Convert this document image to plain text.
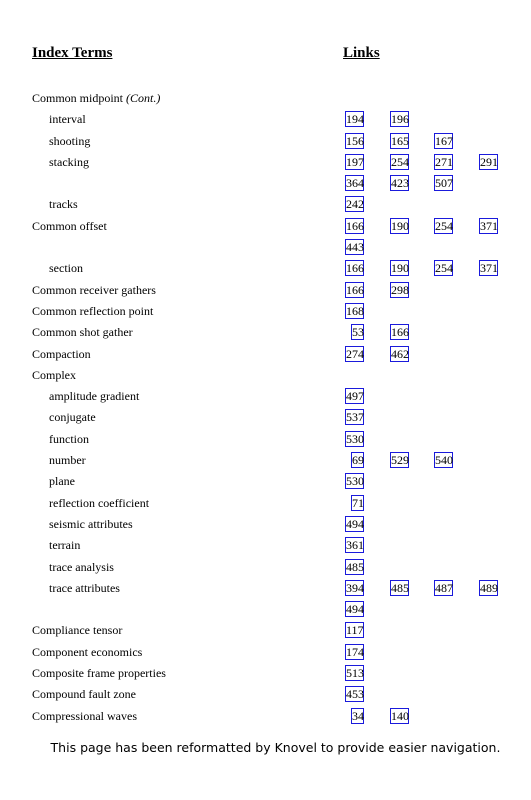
Index Terms	Links
Common midpoint (Cont.)
interval	194 196
shooting	156 165 167
stacking	197 254 271 291
364 423 507
tracks	242
Common offset	166 190 254 371
443
section	166 190 254 371
Common receiver gathers	166 298
Common reflection point	168
Common shot gather	53 166
Compaction	274 462
Complex
amplitude gradient	497
conjugate	537
function	530
number	69 529 540
plane	530
reflection coefficient	71
seismic attributes	494
terrain	361
trace analysis	485
trace attributes	394 485 487 489
494
Compliance tensor	117
Component economics	174
Composite frame properties	513
Compound fault zone	453
Compressional waves	34 140
This page has been reformatted by Knovel to provide easier navigation.
